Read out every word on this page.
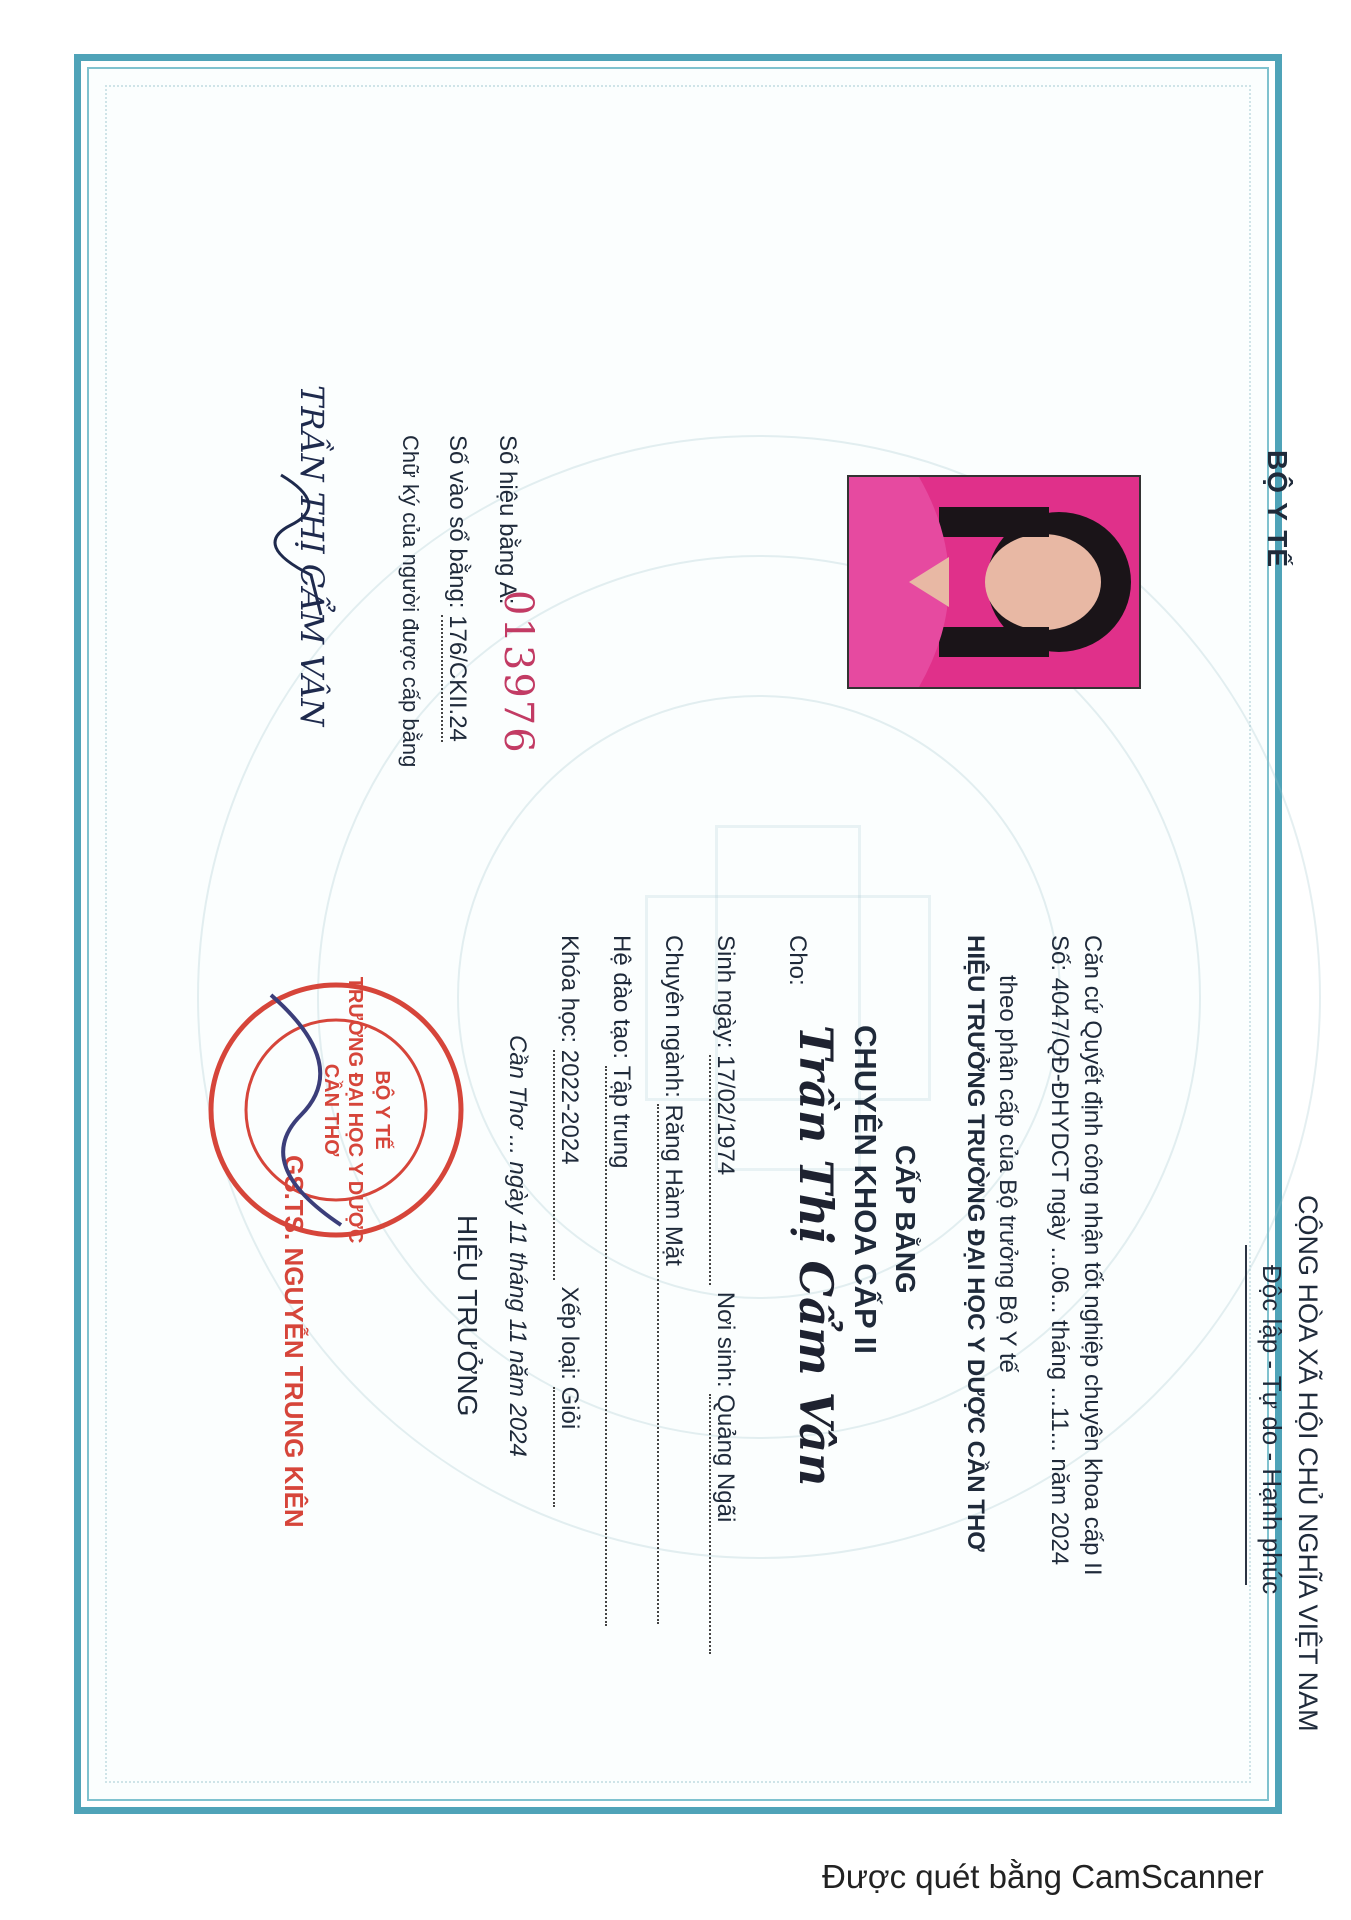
BỘ Y TẾ
CỘNG HÒA XÃ HỘI CHỦ NGHĨA VIỆT NAM
Độc lập - Tự do - Hạnh phúc
Căn cứ Quyết định công nhận tốt nghiệp chuyên khoa cấp II
Số: 4047/QĐ-ĐHYDCT ngày ...06... tháng ...11... năm 2024
theo phân cấp của Bộ trưởng Bộ Y tế
HIỆU TRƯỞNG TRƯỜNG ĐẠI HỌC Y DƯỢC CẦN THƠ
CẤP BẰNG
CHUYÊN KHOA CẤP II
Cho:
Trần Thị Cẩm Vân
Sinh ngày: 17/02/1974 Nơi sinh: Quảng Ngãi
Chuyên ngành: Răng Hàm Mặt
Hệ đào tạo: Tập trung
Khóa học: 2022-2024 Xếp loại: Giỏi
Cần Thơ ... ngày 11 tháng 11 năm 2024
HIỆU TRƯỞNG
GS.TS. NGUYỄN TRUNG KIÊN
Số hiệu bằng A:
013976
Số vào sổ bằng: 176/CKII.24
Chữ ký của người được cấp bằng
TRẦN THỊ CẨM VÂN
BỘ Y TẾ
TRƯỜNG ĐẠI HỌC Y DƯỢC CẦN THƠ
Được quét bằng CamScanner
